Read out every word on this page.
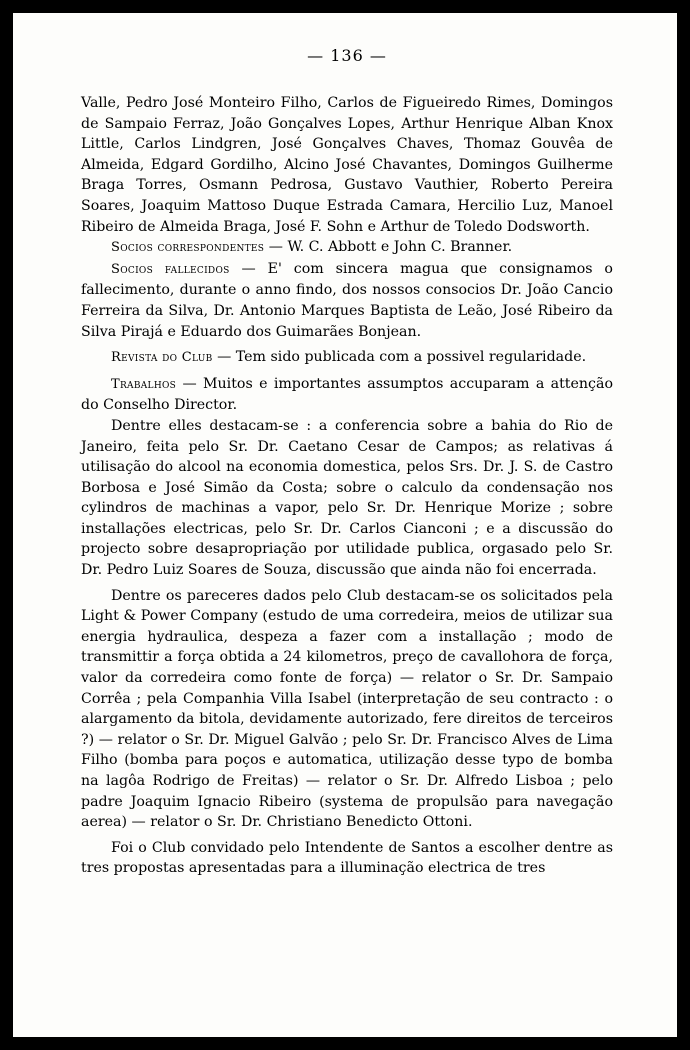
— 136 —

Valle, Pedro José Monteiro Filho, Carlos de Figueiredo Rimes, Domingos de Sampaio Ferraz, João Gonçalves Lopes, Arthur Henrique Alban Knox Little, Carlos Lindgren, José Gonçalves Chaves, Thomaz Gouvêa de Almeida, Edgard Gordilho, Alcino José Chavantes, Domingos Guilherme Braga Torres, Osmann Pedrosa, Gustavo Vauthier, Roberto Pereira Soares, Joaquim Mattoso Duque Estrada Camara, Hercilio Luz, Manoel Ribeiro de Almeida Braga, José F. Sohn e Arthur de Toledo Dodsworth.

Socios correspondentes — W. C. Abbott e John C. Branner.

Socios fallecidos — E' com sincera magua que consignamos o fallecimento, durante o anno findo, dos nossos consocios Dr. João Cancio Ferreira da Silva, Dr. Antonio Marques Baptista de Leão, José Ribeiro da Silva Pirajá e Eduardo dos Guimarães Bonjean.

Revista do Club — Tem sido publicada com a possivel regularidade.

Trabalhos — Muitos e importantes assumptos accuparam a attenção do Conselho Director.

Dentre elles destacam-se : a conferencia sobre a bahia do Rio de Janeiro, feita pelo Sr. Dr. Caetano Cesar de Campos; as relativas á utilisação do alcool na economia domestica, pelos Srs. Dr. J. S. de Castro Borbosa e José Simão da Costa; sobre o calculo da condensação nos cylindros de machinas a vapor, pelo Sr. Dr. Henrique Morize ; sobre installações electricas, pelo Sr. Dr. Carlos Cianconi ; e a discussão do projecto sobre desapropriação por utilidade publica, orgasado pelo Sr. Dr. Pedro Luiz Soares de Souza, discussão que ainda não foi encerrada.

Dentre os pareceres dados pelo Club destacam-se os solicitados pela Light & Power Company (estudo de uma corredeira, meios de utilizar sua energia hydraulica, despeza a fazer com a installação ; modo de transmittir a força obtida a 24 kilometros, preço de cavallohora de força, valor da corredeira como fonte de força) — relator o Sr. Dr. Sampaio Corrêa ; pela Companhia Villa Isabel (interpretação de seu contracto : o alargamento da bitola, devidamente autorizado, fere direitos de terceiros ?) — relator o Sr. Dr. Miguel Galvão ; pelo Sr. Dr. Francisco Alves de Lima Filho (bomba para poços e automatica, utilização desse typo de bomba na lagôa Rodrigo de Freitas) — relator o Sr. Dr. Alfredo Lisboa ; pelo padre Joaquim Ignacio Ribeiro (systema de propulsão para navegação aerea) — relator o Sr. Dr. Christiano Benedicto Ottoni.

Foi o Club convidado pelo Intendente de Santos a escolher dentre as tres propostas apresentadas para a illuminação electrica de tres
